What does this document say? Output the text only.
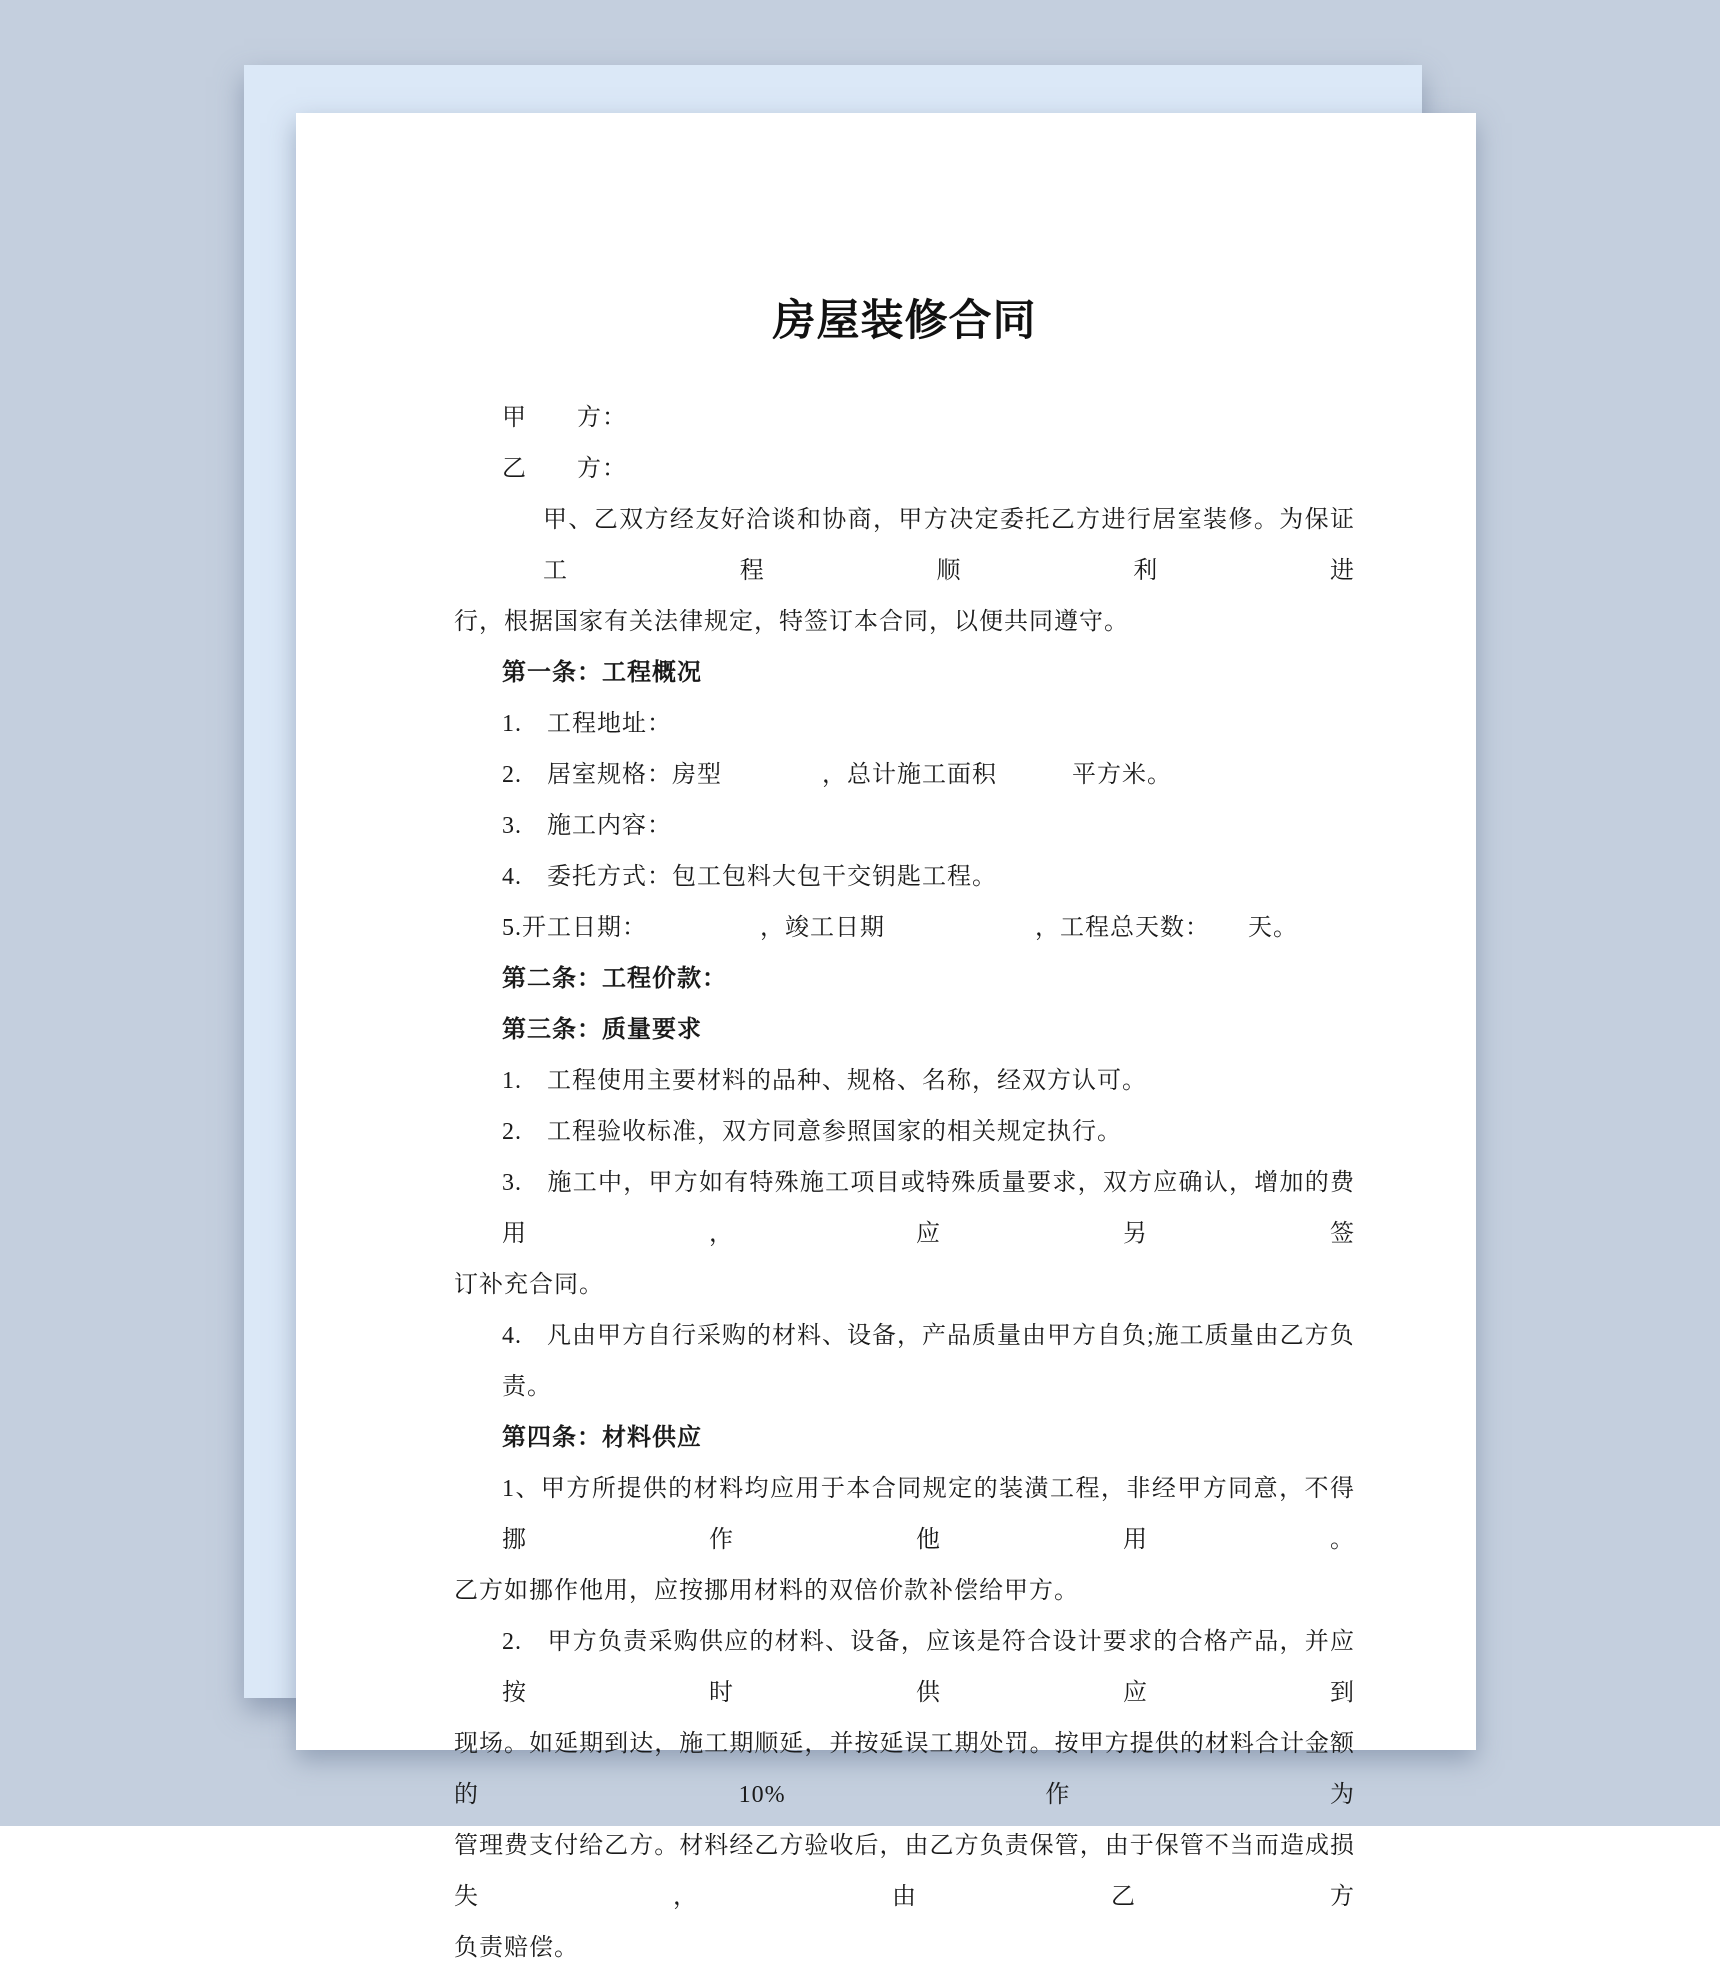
房屋装修合同

甲　　方：

乙　　方：

甲、乙双方经友好洽谈和协商，甲方决定委托乙方进行居室装修。为保证工程顺利进

行，根据国家有关法律规定，特签订本合同，以便共同遵守。

第一条：工程概况

1.　工程地址：

2.　居室规格：房型　　　　，总计施工面积　　　平方米。

3.　施工内容：

4.　委托方式：包工包料大包干交钥匙工程。

5.开工日期：　　　　　，竣工日期　　　　　　，工程总天数：　　天。

第二条：工程价款：

第三条：质量要求

1.　工程使用主要材料的品种、规格、名称，经双方认可。

2.　工程验收标准，双方同意参照国家的相关规定执行。

3.　施工中，甲方如有特殊施工项目或特殊质量要求，双方应确认，增加的费用，应另签

订补充合同。

4.　凡由甲方自行采购的材料、设备，产品质量由甲方自负;施工质量由乙方负责。

第四条：材料供应

1、甲方所提供的材料均应用于本合同规定的装潢工程，非经甲方同意，不得挪作他用。

乙方如挪作他用，应按挪用材料的双倍价款补偿给甲方。

2.　甲方负责采购供应的材料、设备，应该是符合设计要求的合格产品，并应按时供应到

现场。如延期到达，施工期顺延，并按延误工期处罚。按甲方提供的材料合计金额的10%作为

管理费支付给乙方。材料经乙方验收后，由乙方负责保管，由于保管不当而造成损失，由乙方

负责赔偿。
